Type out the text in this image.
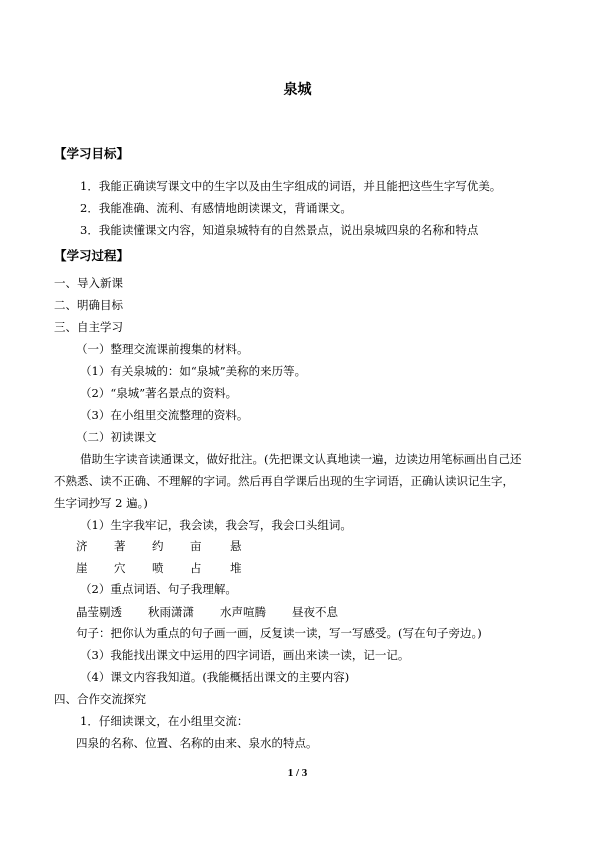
泉城
【学习目标】
1．我能正确读写课文中的生字以及由生字组成的词语，并且能把这些生字写优美。
2．我能准确、流利、有感情地朗读课文，背诵课文。
3．我能读懂课文内容，知道泉城特有的自然景点，说出泉城四泉的名称和特点
【学习过程】
一、导入新课
二、明确目标
三、自主学习
（一）整理交流课前搜集的材料。
（1）有关泉城的：如“泉城”美称的来历等。
（2）“泉城”著名景点的资料。
（3）在小组里交流整理的资料。
（二）初读课文
借助生字读音读通课文，做好批注。(先把课文认真地读一遍，边读边用笔标画出自己还
不熟悉、读不正确、不理解的字词。然后再自学课后出现的生字词语，正确认读识记生字，
生字词抄写 2 遍。)
（1）生字我牢记，我会读，我会写，我会口头组词。
济 著 约 亩 悬
崖 穴 喷 占 堆
（2）重点词语、句子我理解。
晶莹剔透 秋雨潇潇 水声喧腾 昼夜不息
句子：把你认为重点的句子画一画，反复读一读，写一写感受。(写在句子旁边。)
（3）我能找出课文中运用的四字词语，画出来读一读，记一记。
（4）课文内容我知道。(我能概括出课文的主要内容)
四、合作交流探究
1．仔细读课文，在小组里交流：
四泉的名称、位置、名称的由来、泉水的特点。
1 / 3
